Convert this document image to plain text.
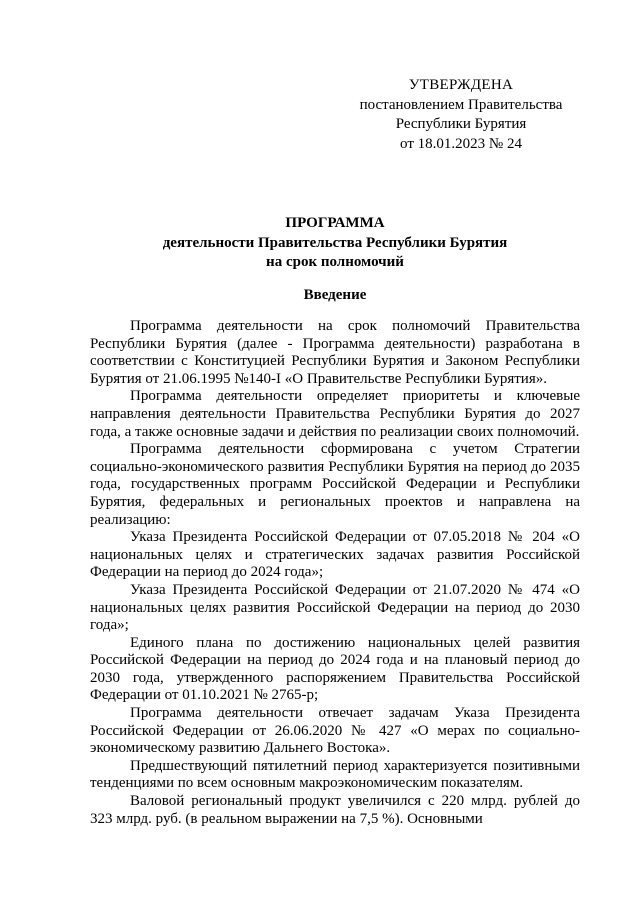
УТВЕРЖДЕНА
постановлением Правительства
Республики Бурятия
от 18.01.2023 № 24
ПРОГРАММА
деятельности Правительства Республики Бурятия
на срок полномочий
Введение

Программа деятельности на срок полномочий Правительства Республики Бурятия (далее - Программа деятельности) разработана в соответствии с Конституцией Республики Бурятия и Законом Республики Бурятия от 21.06.1995 №140-I «О Правительстве Республики Бурятия».

Программа деятельности определяет приоритеты и ключевые направления деятельности Правительства Республики Бурятия до 2027 года, а также основные задачи и действия по реализации своих полномочий.

Программа деятельности сформирована с учетом Стратегии социально-экономического развития Республики Бурятия на период до 2035 года, государственных программ Российской Федерации и Республики Бурятия, федеральных и региональных проектов и направлена на реализацию:

Указа Президента Российской Федерации от 07.05.2018 № 204 «О национальных целях и стратегических задачах развития Российской Федерации на период до 2024 года»;

Указа Президента Российской Федерации от 21.07.2020 № 474 «О национальных целях развития Российской Федерации на период до 2030 года»;

Единого плана по достижению национальных целей развития Российской Федерации на период до 2024 года и на плановый период до 2030 года, утвержденного распоряжением Правительства Российской Федерации от 01.10.2021 № 2765-р;

Программа деятельности отвечает задачам Указа Президента Российской Федерации от 26.06.2020 № 427 «О мерах по социально-экономическому развитию Дальнего Востока».

Предшествующий пятилетний период характеризуется позитивными тенденциями по всем основным макроэкономическим показателям.

Валовой региональный продукт увеличился с 220 млрд. рублей до 323 млрд. руб. (в реальном выражении на 7,5 %). Основными
